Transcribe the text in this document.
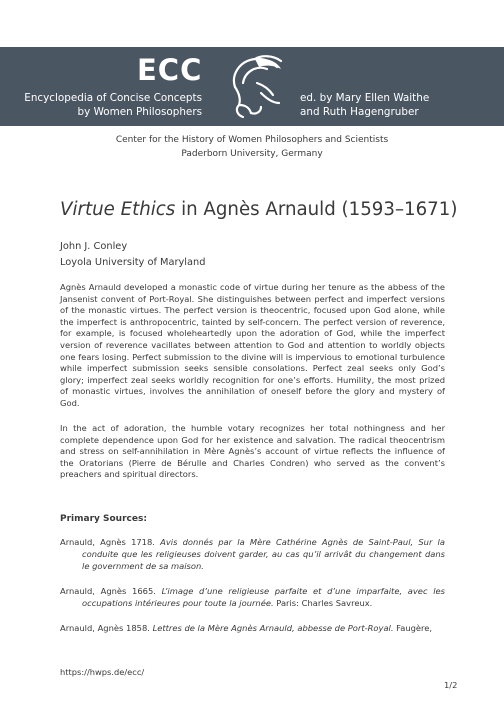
ECC
Encyclopedia of Concise Concepts
by Women Philosophers
ed. by Mary Ellen Waithe
and Ruth Hagengruber
Center for the History of Women Philosophers and Scientists
Paderborn University, Germany
Virtue Ethics in Agnès Arnauld (1593–1671)
John J. Conley
Loyola University of Maryland

Agnès Arnauld developed a monastic code of virtue during her tenure as the abbess of the Jansenist convent of Port-Royal. She distinguishes between perfect and imperfect versions of the monastic virtues. The perfect version is theocentric, focused upon God alone, while the imperfect is anthropocentric, tainted by self-concern. The perfect version of reverence, for example, is focused wholeheartedly upon the adoration of God, while the imperfect version of reverence vacillates between attention to God and attention to worldly objects one fears losing. Perfect submission to the divine will is impervious to emotional turbulence while imperfect submission seeks sensible consolations. Perfect zeal seeks only God’s glory; imperfect zeal seeks worldly recognition for one’s efforts. Humility, the most prized of monastic virtues, involves the annihilation of oneself before the glory and mystery of God.

In the act of adoration, the humble votary recognizes her total nothingness and her complete dependence upon God for her existence and salvation. The radical theocentrism and stress on self-annihilation in Mère Agnès’s account of virtue reflects the influence of the Oratorians (Pierre de Bérulle and Charles Condren) who served as the convent’s preachers and spiritual directors.

Primary Sources:
Arnauld, Agnès 1718. Avis donnés par la Mère Cathérine Agnès de Saint-Paul, Sur la conduite que les religieuses doivent garder, au cas qu’il arrivât du changement dans le government de sa maison.
Arnauld, Agnès 1665. L’image d’une religieuse parfaite et d’une imparfaite, avec les occupations intérieures pour toute la journée. Paris: Charles Savreux.
Arnauld, Agnès 1858. Lettres de la Mère Agnès Arnauld, abbesse de Port-Royal. Faugère,
https://hwps.de/ecc/
1/2
